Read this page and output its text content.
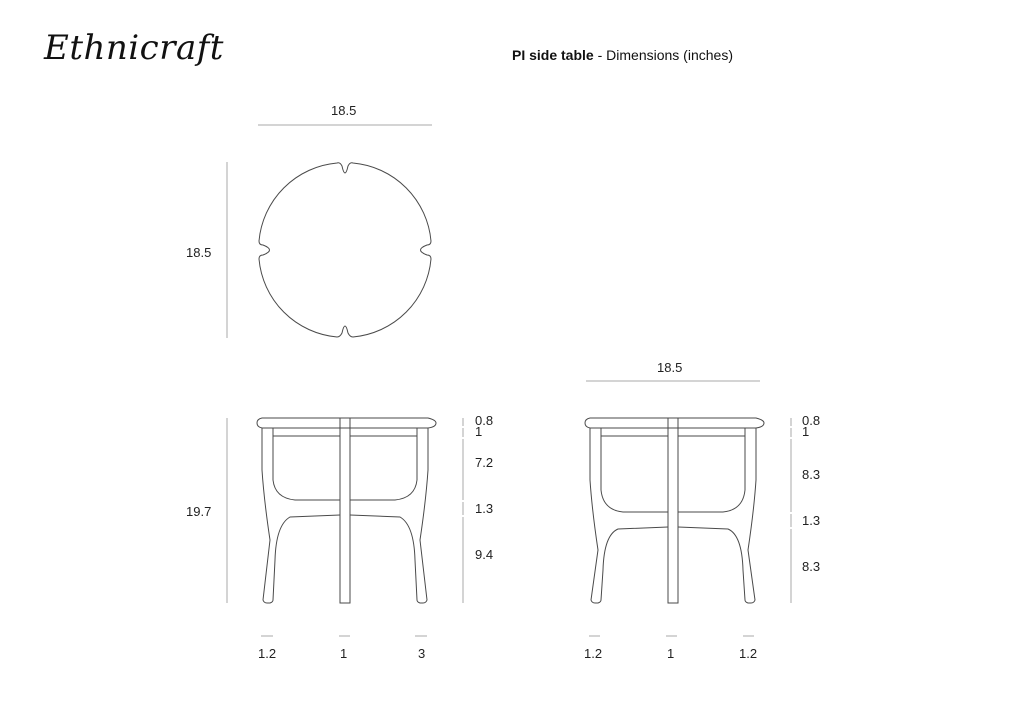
Ethnicraft	PI side table - Dimensions (inches)
18.5
18.5
19.7
0.8
1
7.2
1.3
9.4
1.2	1	3
18.5
0.8
1
8.3
1.3
8.3
1.2	1	1.2
